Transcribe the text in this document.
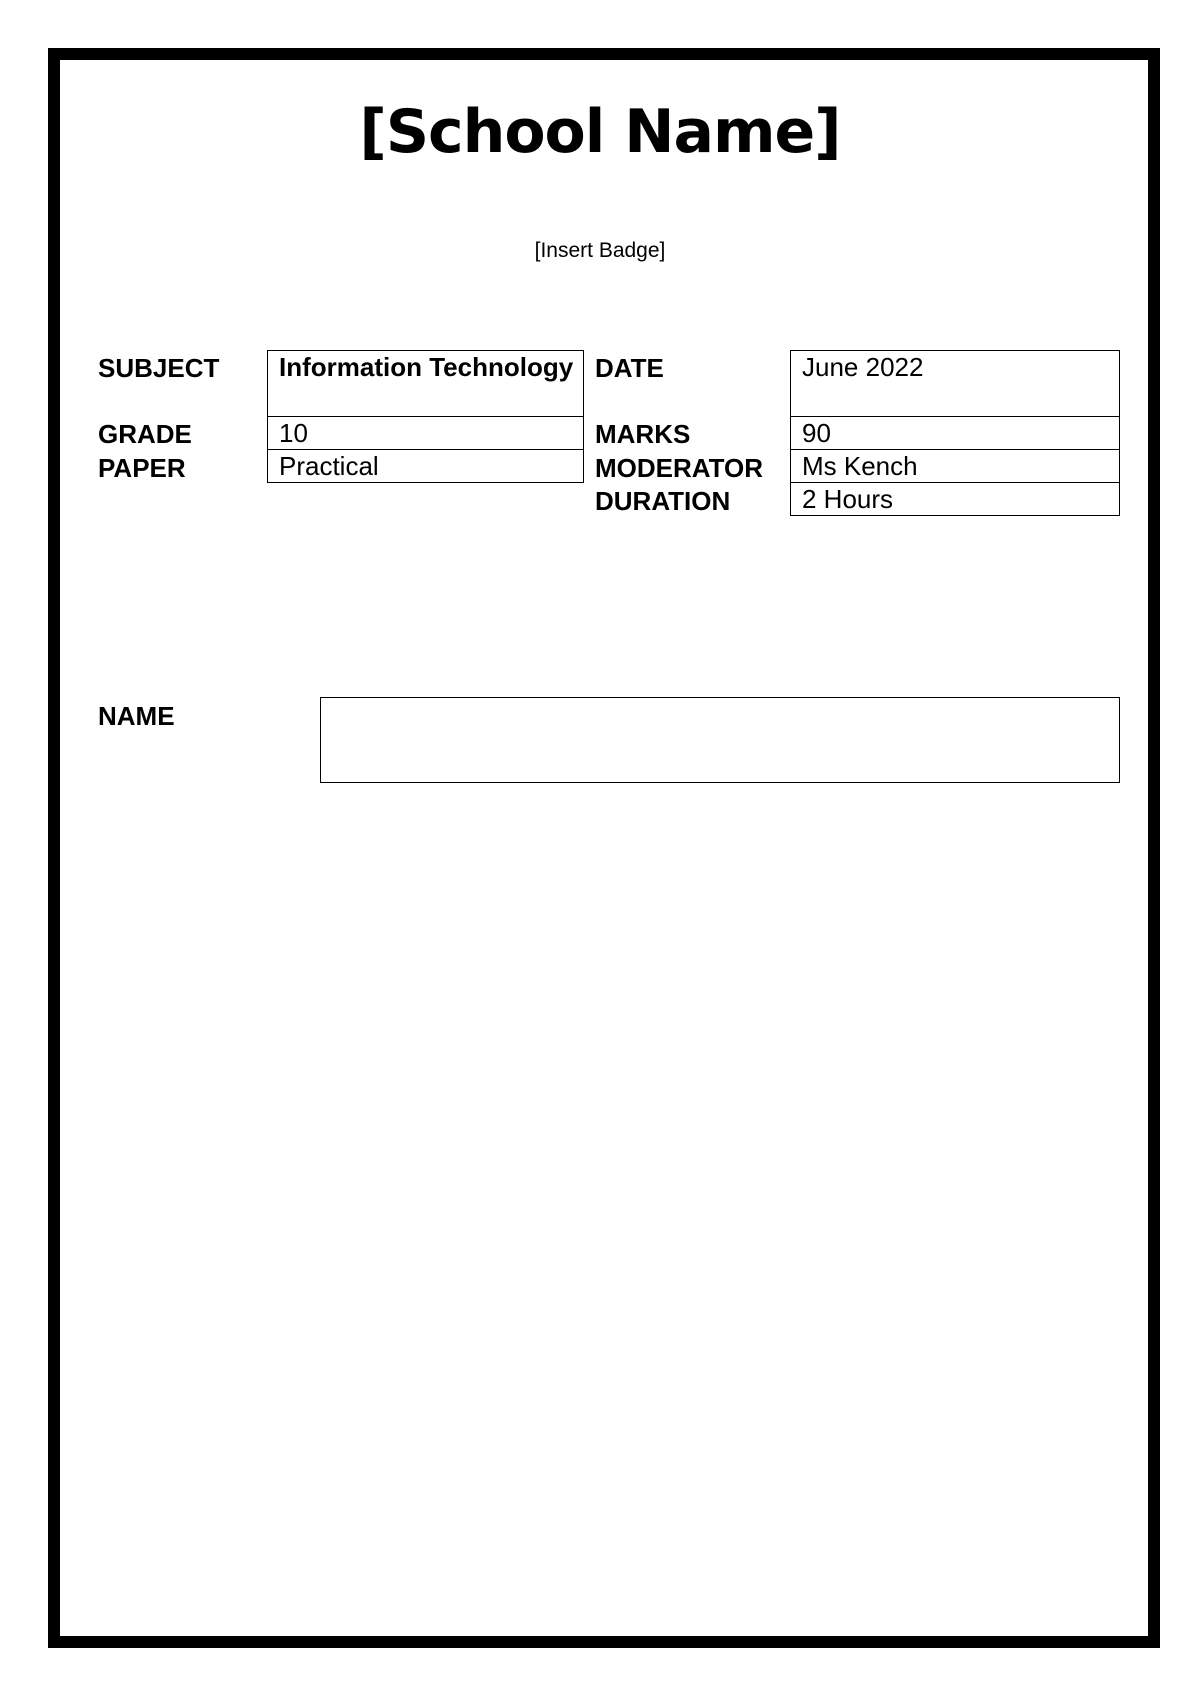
[School Name]
[Insert Badge]
SUBJECT	Information Technology
GRADE	10
PAPER	Practical
DATE	June 2022
MARKS	90
MODERATOR	Ms Kench
DURATION	2 Hours
NAME
